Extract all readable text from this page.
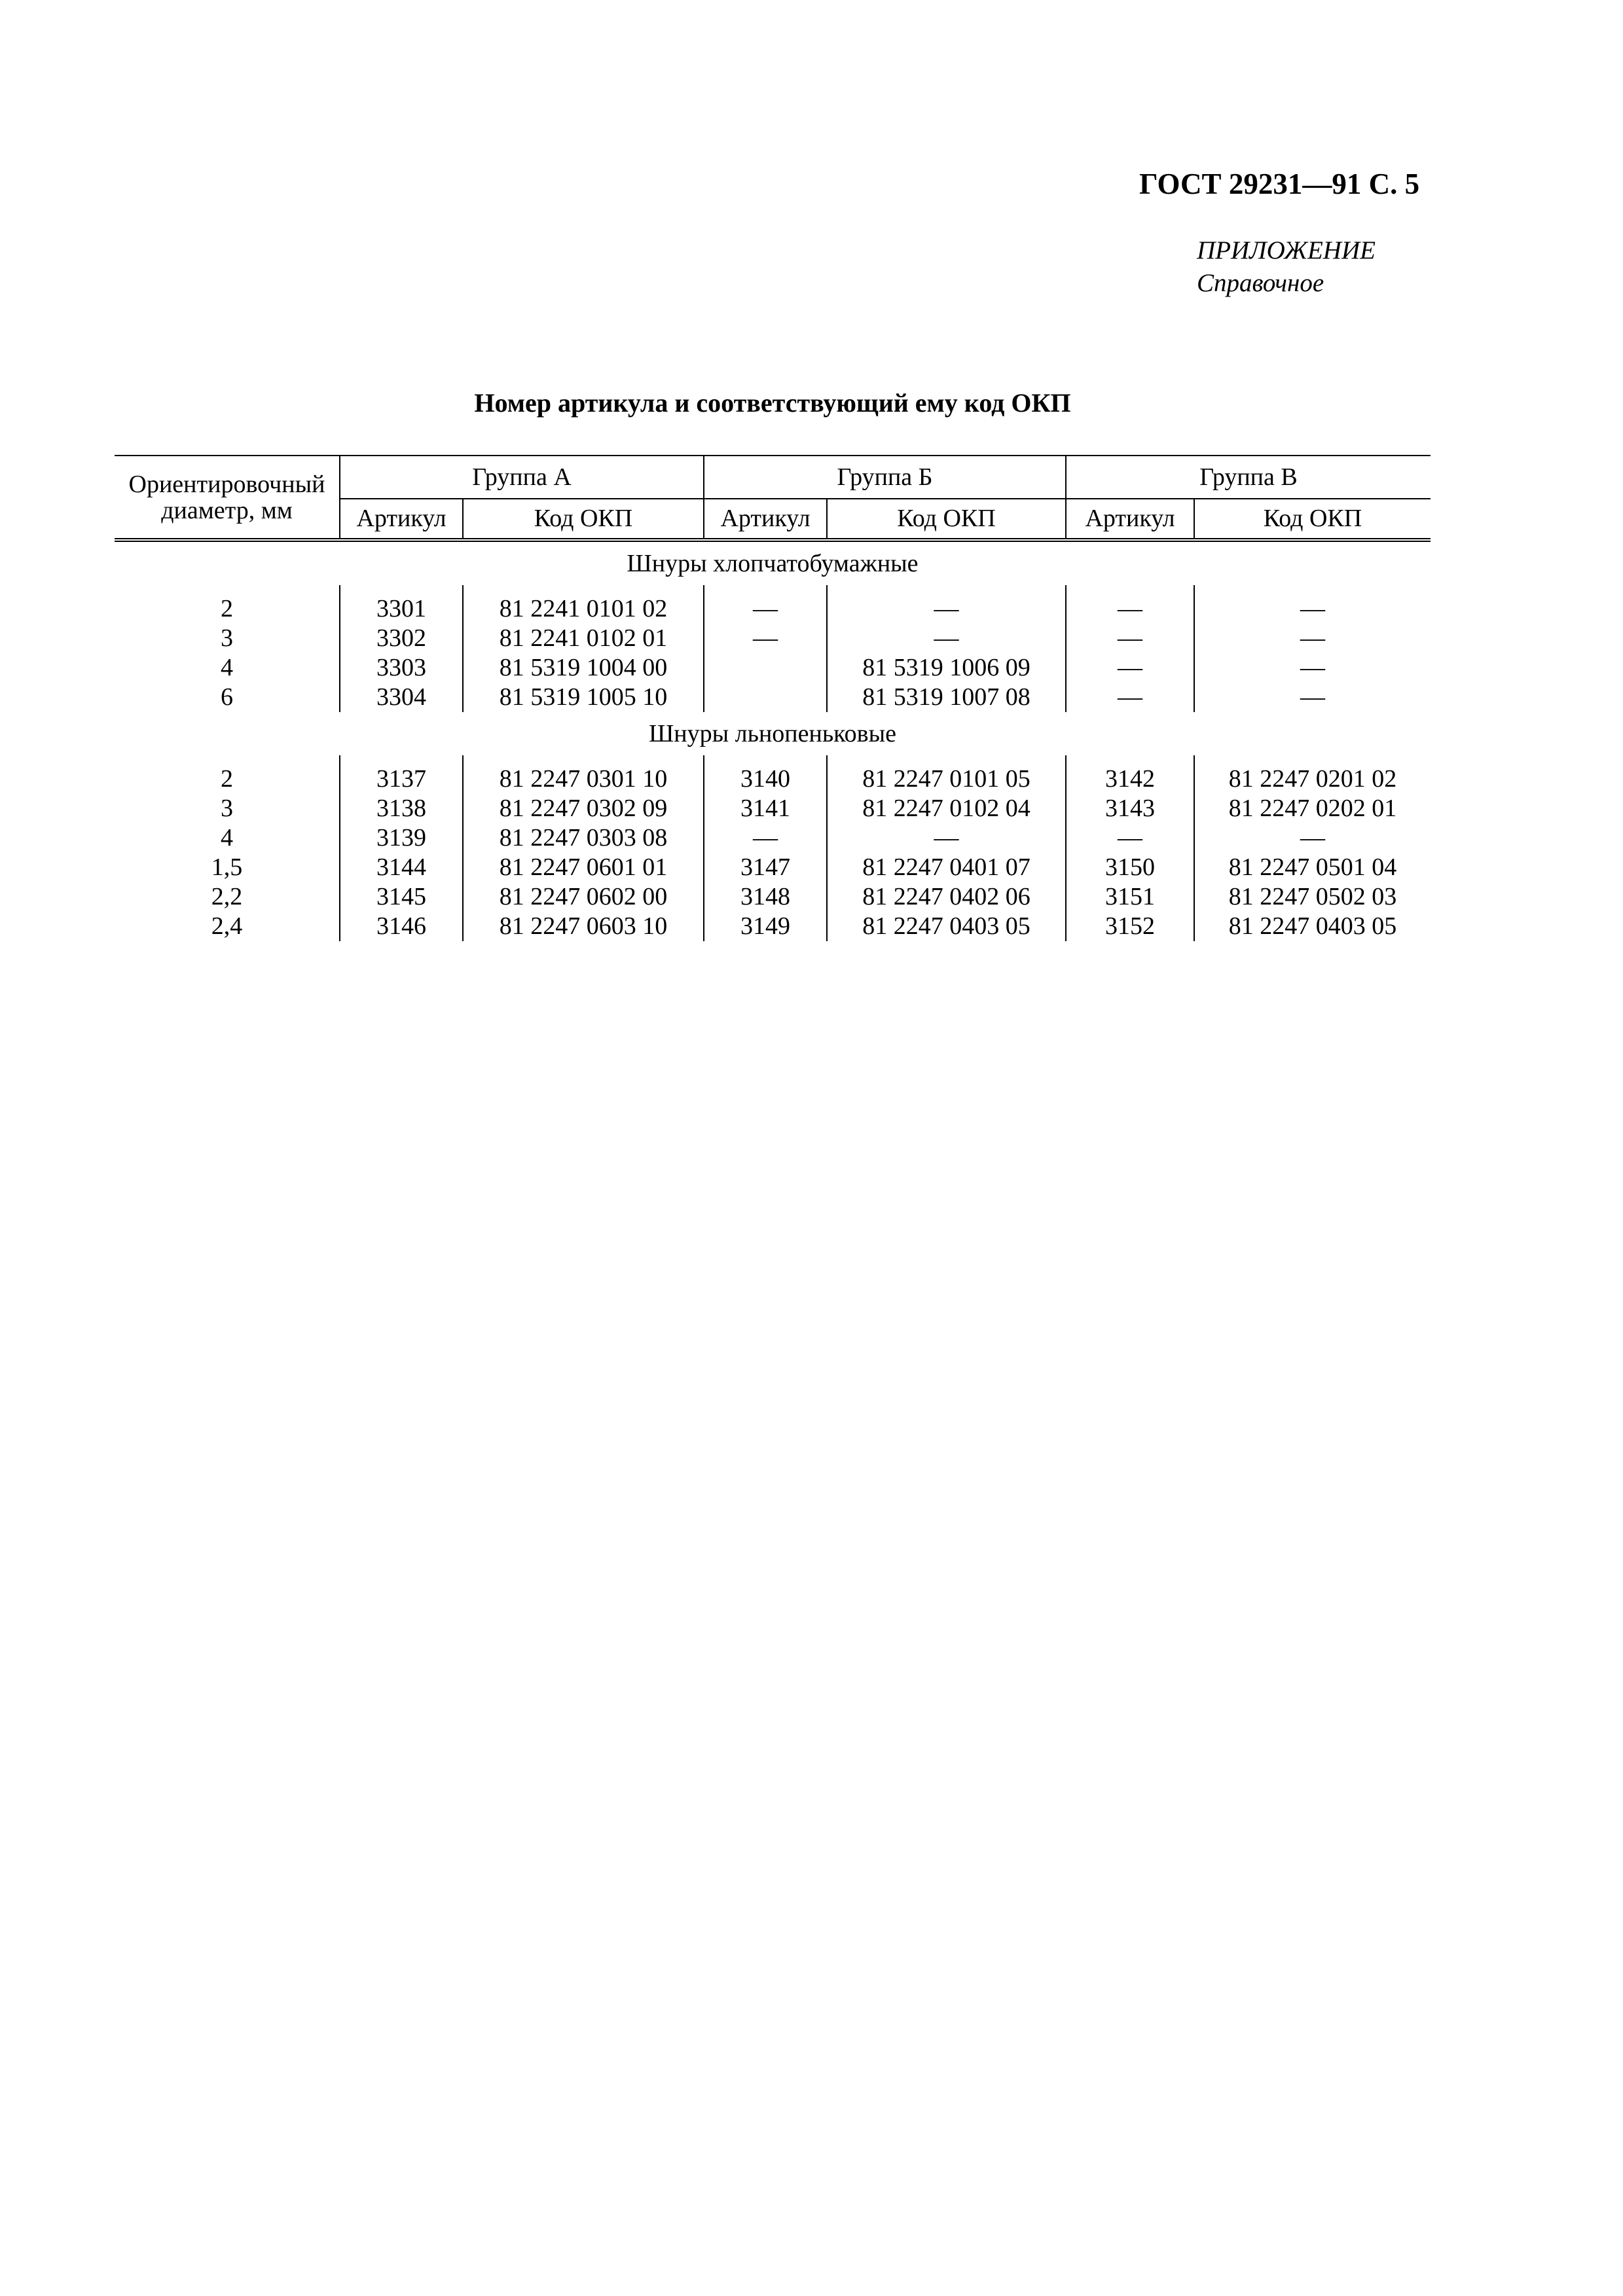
ГОСТ 29231—91 С. 5
ПРИЛОЖЕНИЕ
Справочное
Номер артикула и соответствующий ему код ОКП
Ориентировочный диаметр, мм	Группа А		Группа Б		Группа В	
	Артикул	Код ОКП	Артикул	Код ОКП	Артикул	Код ОКП
Шнуры хлопчатобумажные						

2	3301	81 2241 0101 02	—	—	—	—
3	3302	81 2241 0102 01	—	—	—	—
4	3303	81 5319 1004 00		81 5319 1006 09	—	—
6	3304	81 5319 1005 10		81 5319 1007 08	—	—
Шнуры льнопеньковые						

2	3137	81 2247 0301 10	3140	81 2247 0101 05	3142	81 2247 0201 02
3	3138	81 2247 0302 09	3141	81 2247 0102 04	3143	81 2247 0202 01
4	3139	81 2247 0303 08	—	—	—	—
1,5	3144	81 2247 0601 01	3147	81 2247 0401 07	3150	81 2247 0501 04
2,2	3145	81 2247 0602 00	3148	81 2247 0402 06	3151	81 2247 0502 03
2,4	3146	81 2247 0603 10	3149	81 2247 0403 05	3152	81 2247 0403 05
